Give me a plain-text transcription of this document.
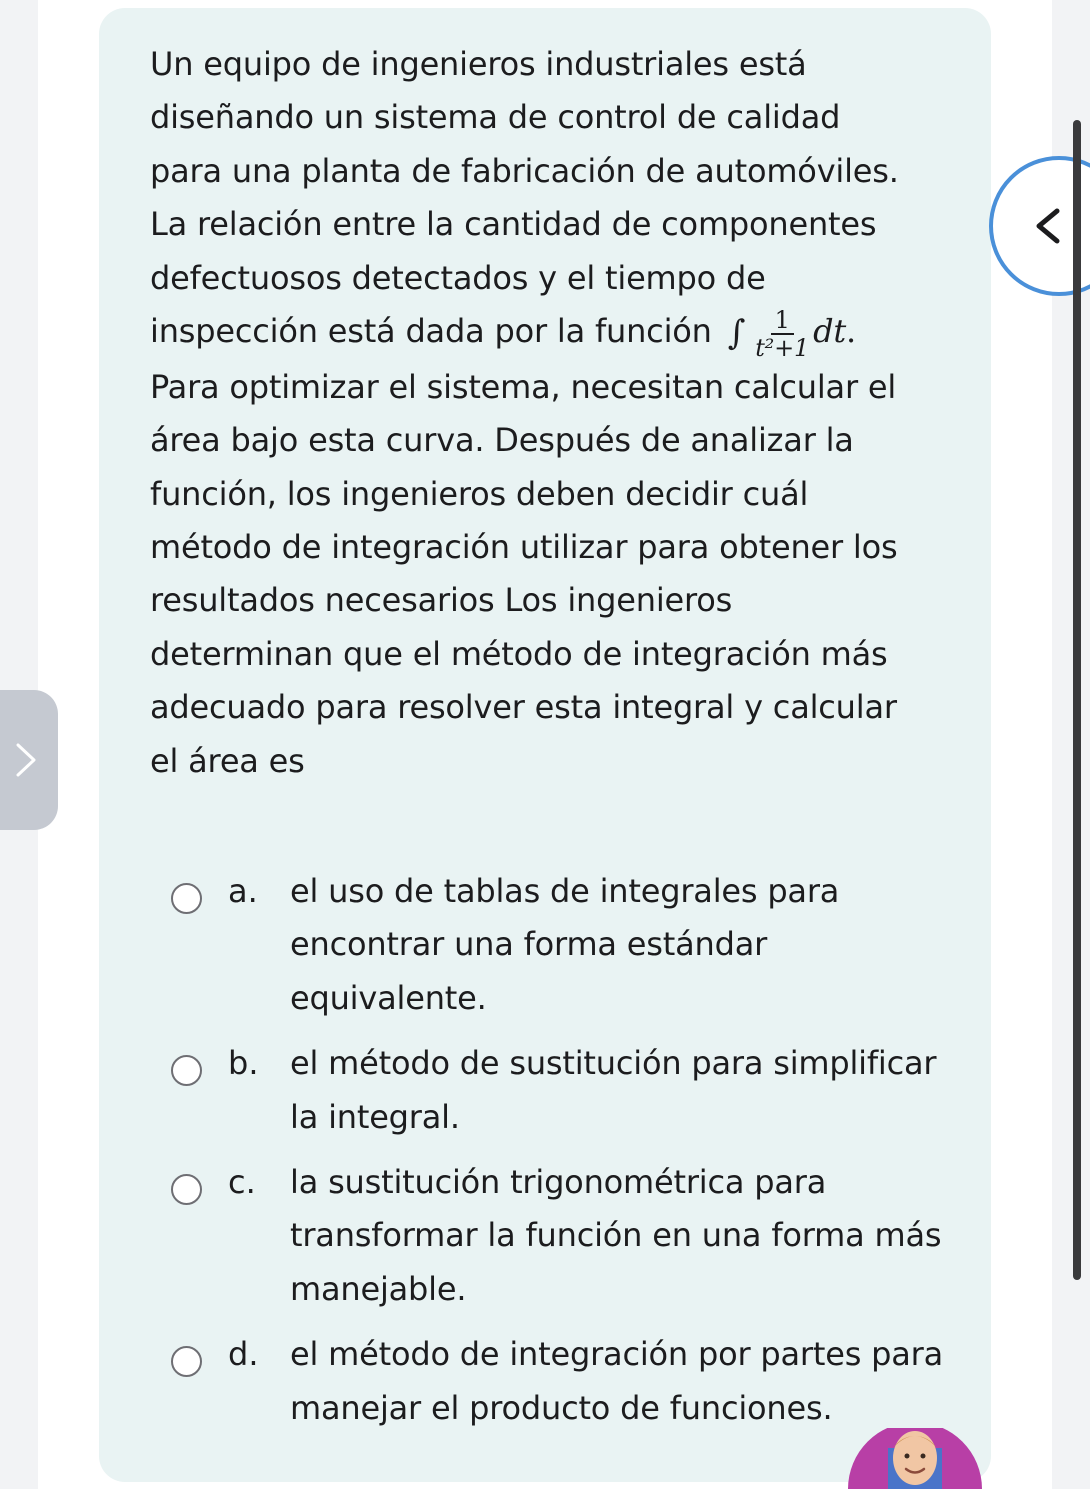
Un equipo de ingenieros industriales está
diseñando un sistema de control de calidad
para una planta de fabricación de automóviles.
La relación entre la cantidad de componentes
defectuosos detectados y el tiempo de
inspección está dada por la función ∫ $\frac{1}{\text{t²+1}}$ dt.
Para optimizar el sistema, necesitan calcular el
área bajo esta curva. Después de analizar la
función, los ingenieros deben decidir cuál
método de integración utilizar para obtener los
resultados necesarios Los ingenieros
determinan que el método de integración más
adecuado para resolver esta integral y calcular
el área es
a. el uso de tablas de integrales para encontrar una forma estándar equivalente.
b. el método de sustitución para simplificar la integral.
c. la sustitución trigonométrica para transformar la función en una forma más manejable.
d. el método de integración por partes para manejar el producto de funciones.
